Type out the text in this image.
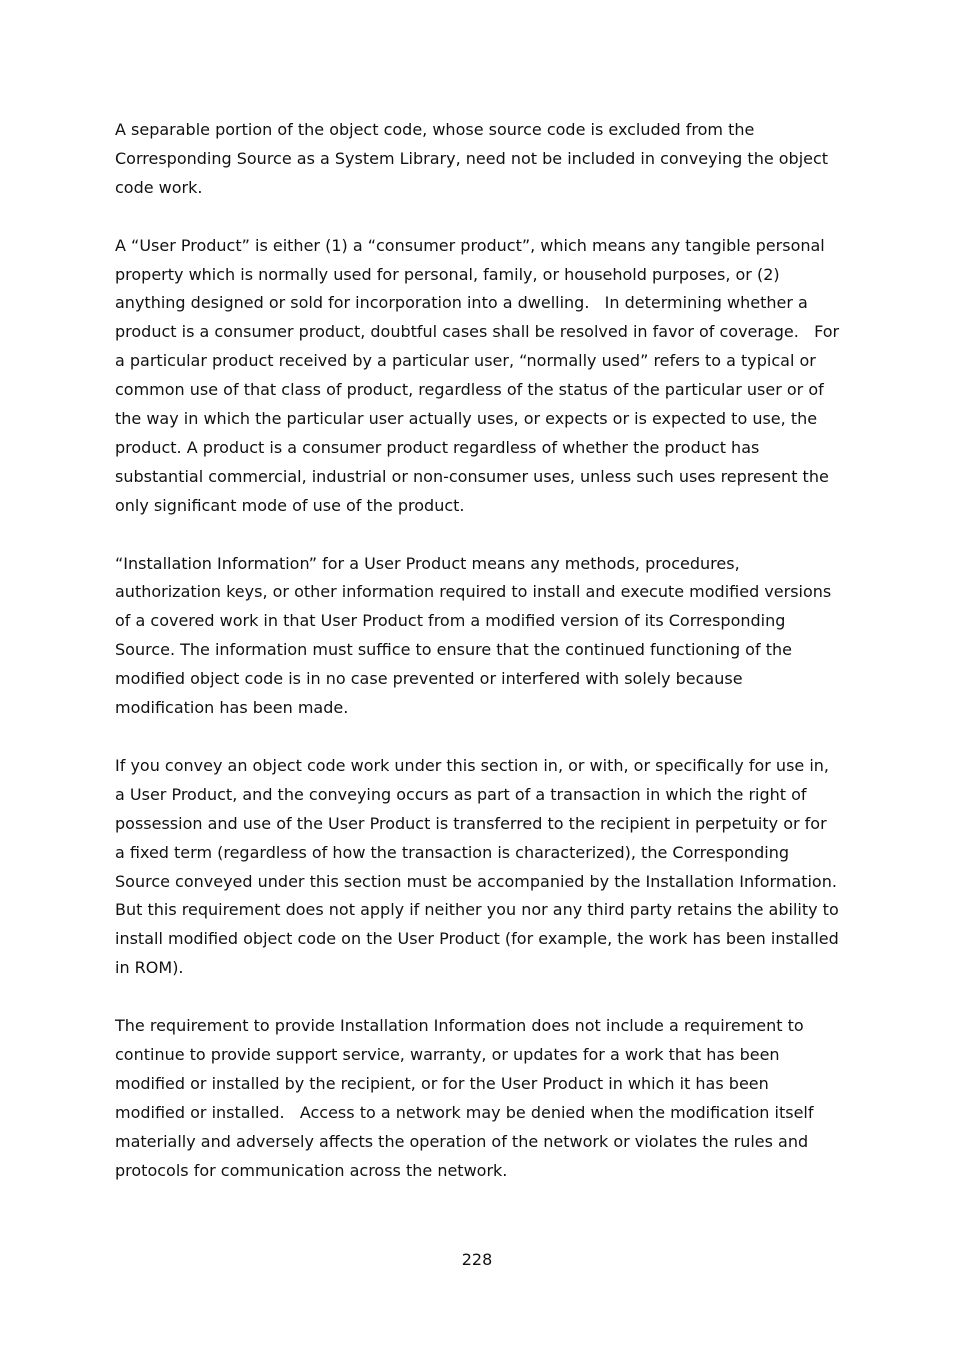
A separable portion of the object code, whose source code is excluded from the Corresponding Source as a System Library, need not be included in conveying the object code work.

A “User Product” is either (1) a “consumer product”, which means any tangible personal property which is normally used for personal, family, or household purposes, or (2) anything designed or sold for incorporation into a dwelling.   In determining whether a product is a consumer product, doubtful cases shall be resolved in favor of coverage.   For a particular product received by a particular user, “normally used” refers to a typical or common use of that class of product, regardless of the status of the particular user or of the way in which the particular user actually uses, or expects or is expected to use, the product. A product is a consumer product regardless of whether the product has substantial commercial, industrial or non-consumer uses, unless such uses represent the only significant mode of use of the product.

“Installation Information” for a User Product means any methods, procedures, authorization keys, or other information required to install and execute modified versions of a covered work in that User Product from a modified version of its Corresponding Source. The information must suffice to ensure that the continued functioning of the modified object code is in no case prevented or interfered with solely because modification has been made.

If you convey an object code work under this section in, or with, or specifically for use in, a User Product, and the conveying occurs as part of a transaction in which the right of possession and use of the User Product is transferred to the recipient in perpetuity or for a fixed term (regardless of how the transaction is characterized), the Corresponding Source conveyed under this section must be accompanied by the Installation Information.   But this requirement does not apply if neither you nor any third party retains the ability to install modified object code on the User Product (for example, the work has been installed in ROM).

The requirement to provide Installation Information does not include a requirement to continue to provide support service, warranty, or updates for a work that has been modified or installed by the recipient, or for the User Product in which it has been modified or installed.   Access to a network may be denied when the modification itself materially and adversely affects the operation of the network or violates the rules and protocols for communication across the network.

228
